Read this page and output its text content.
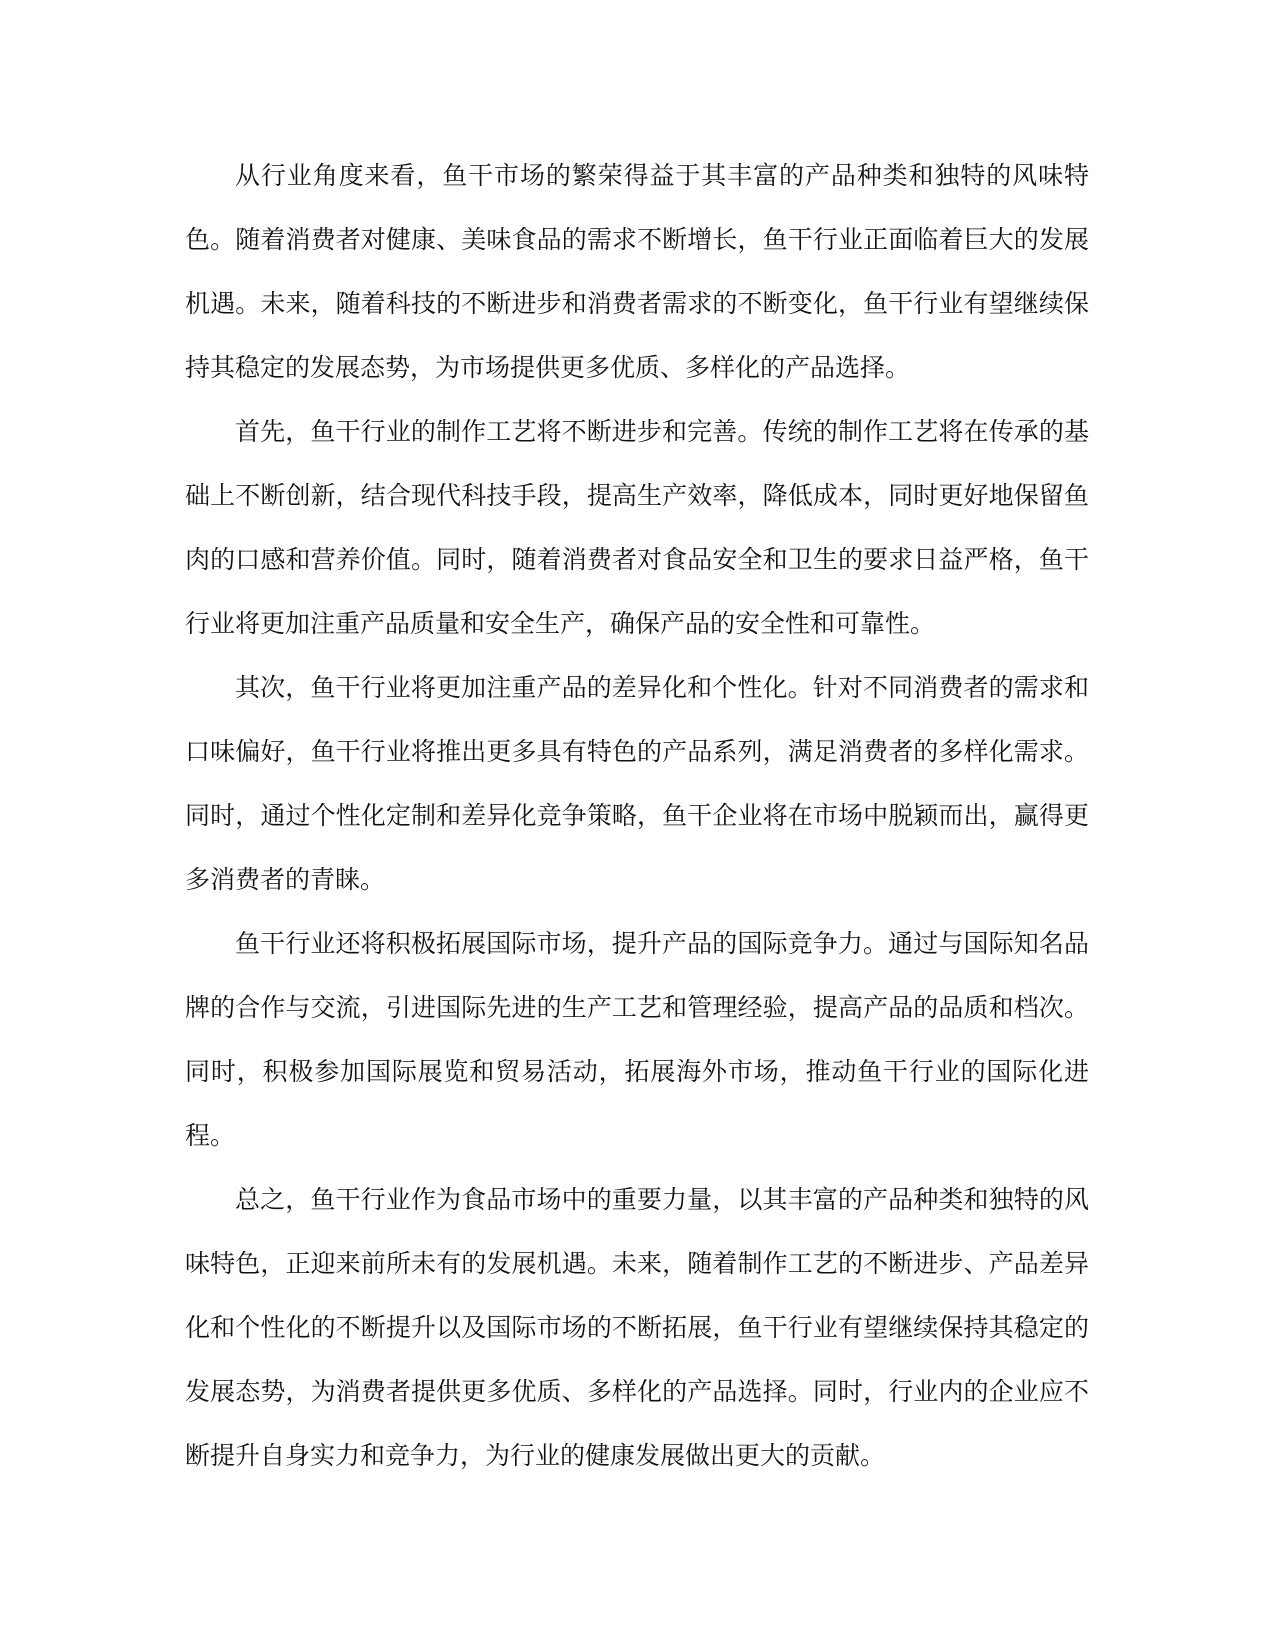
从行业角度来看，鱼干市场的繁荣得益于其丰富的产品种类和独特的风味特色。随着消费者对健康、美味食品的需求不断增长，鱼干行业正面临着巨大的发展机遇。未来，随着科技的不断进步和消费者需求的不断变化，鱼干行业有望继续保持其稳定的发展态势，为市场提供更多优质、多样化的产品选择。

首先，鱼干行业的制作工艺将不断进步和完善。传统的制作工艺将在传承的基础上不断创新，结合现代科技手段，提高生产效率，降低成本，同时更好地保留鱼肉的口感和营养价值。同时，随着消费者对食品安全和卫生的要求日益严格，鱼干行业将更加注重产品质量和安全生产，确保产品的安全性和可靠性。

其次，鱼干行业将更加注重产品的差异化和个性化。针对不同消费者的需求和口味偏好，鱼干行业将推出更多具有特色的产品系列，满足消费者的多样化需求。同时，通过个性化定制和差异化竞争策略，鱼干企业将在市场中脱颖而出，赢得更多消费者的青睐。

鱼干行业还将积极拓展国际市场，提升产品的国际竞争力。通过与国际知名品牌的合作与交流，引进国际先进的生产工艺和管理经验，提高产品的品质和档次。同时，积极参加国际展览和贸易活动，拓展海外市场，推动鱼干行业的国际化进程。

总之，鱼干行业作为食品市场中的重要力量，以其丰富的产品种类和独特的风味特色，正迎来前所未有的发展机遇。未来，随着制作工艺的不断进步、产品差异化和个性化的不断提升以及国际市场的不断拓展，鱼干行业有望继续保持其稳定的发展态势，为消费者提供更多优质、多样化的产品选择。同时，行业内的企业应不断提升自身实力和竞争力，为行业的健康发展做出更大的贡献。
